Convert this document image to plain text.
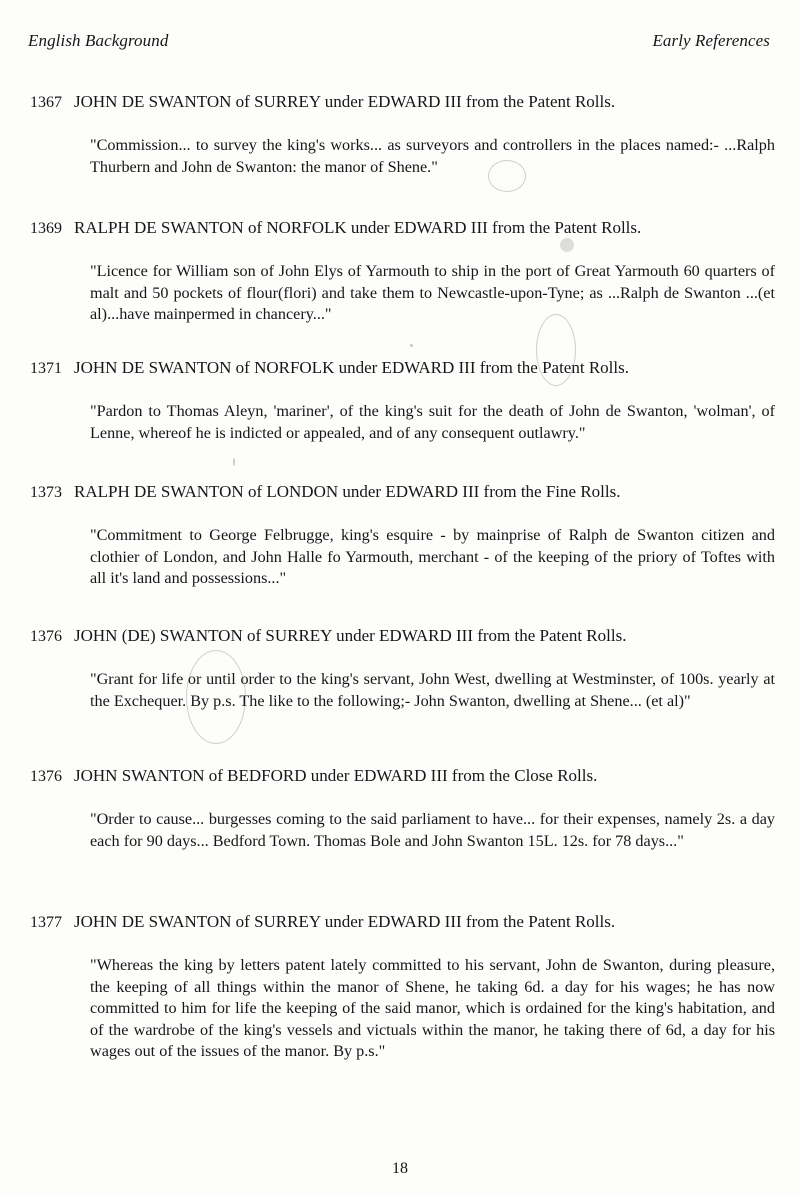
English Background	Early References
1367 JOHN DE SWANTON of SURREY under EDWARD III from the Patent Rolls.
"Commission... to survey the king's works... as surveyors and controllers in the places named:- ...Ralph Thurbern and John de Swanton: the manor of Shene."
1369 RALPH DE SWANTON of NORFOLK under EDWARD III from the Patent Rolls.
"Licence for William son of John Elys of Yarmouth to ship in the port of Great Yarmouth 60 quarters of malt and 50 pockets of flour(flori) and take them to Newcastle-upon-Tyne; as ...Ralph de Swanton ...(et al)...have mainpermed in chancery..."
1371 JOHN DE SWANTON of NORFOLK under EDWARD III from the Patent Rolls.
"Pardon to Thomas Aleyn, 'mariner', of the king's suit for the death of John de Swanton, 'wolman', of Lenne, whereof he is indicted or appealed, and of any consequent outlawry."
1373 RALPH DE SWANTON of LONDON under EDWARD III from the Fine Rolls.
"Commitment to George Felbrugge, king's esquire - by mainprise of Ralph de Swanton citizen and clothier of London, and John Halle fo Yarmouth, merchant - of the keeping of the priory of Toftes with all it's land and possessions..."
1376 JOHN (DE) SWANTON of SURREY under EDWARD III from the Patent Rolls.
"Grant for life or until order to the king's servant, John West, dwelling at Westminster, of 100s. yearly at the Exchequer. By p.s. The like to the following;- John Swanton, dwelling at Shene... (et al)"
1376 JOHN SWANTON of BEDFORD under EDWARD III from the Close Rolls.
"Order to cause... burgesses coming to the said parliament to have... for their expenses, namely 2s. a day each for 90 days... Bedford Town. Thomas Bole and John Swanton 15L. 12s. for 78 days..."
1377 JOHN DE SWANTON of SURREY under EDWARD III from the Patent Rolls.
"Whereas the king by letters patent lately committed to his servant, John de Swanton, during pleasure, the keeping of all things within the manor of Shene, he taking 6d. a day for his wages; he has now committed to him for life the keeping of the said manor, which is ordained for the king's habitation, and of the wardrobe of the king's vessels and victuals within the manor, he taking there of 6d, a day for his wages out of the issues of the manor. By p.s."
18
